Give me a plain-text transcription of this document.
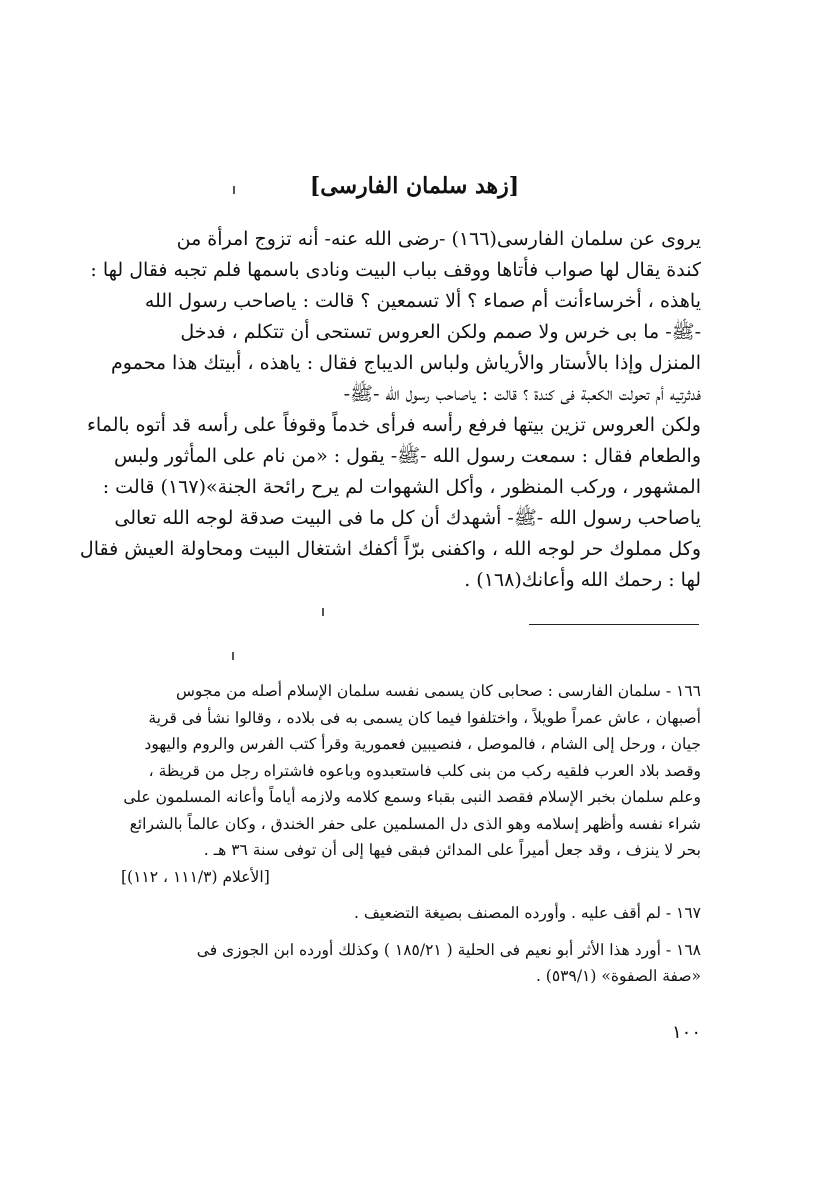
[زهد سلمان الفارسى]
يروى عن سلمان الفارسى(١٦٦) -رضى الله عنه- أنه تزوج امرأة من
كندة يقال لها صواب فأتاها ووقف بباب البيت ونادى باسمها فلم تجبه فقال لها :
ياهذه ، أخرساءأنت أم صماء ؟ ألا تسمعين ؟ قالت : ياصاحب رسول الله
-ﷺ- ما بى خرس ولا صمم ولكن العروس تستحى أن تتكلم ، فدخل
المنزل وإذا بالأستار والأرياش ولباس الديباج فقال : ياهذه ، أبيتك هذا محموم
فدثرتيه أم تحولت الكعبة فى كندة ؟ قالت : ياصاحب رسول الله -ﷺ-
ولكن العروس تزين بيتها فرفع رأسه فرأى خدماً وقوفاً على رأسه قد أتوه بالماء
والطعام فقال : سمعت رسول الله -ﷺ- يقول : «من نام على المأثور ولبس
المشهور ، وركب المنظور ، وأكل الشهوات لم يرح رائحة الجنة»(١٦٧) قالت :
ياصاحب رسول الله -ﷺ- أشهدك أن كل ما فى البيت صدقة لوجه الله تعالى
وكل مملوك حر لوجه الله ، واكفنى برّاً أكفك اشتغال البيت ومحاولة العيش فقال
لها : رحمك الله وأعانك(١٦٨) .
١٦٦ - سلمان الفارسى : صحابى كان يسمى نفسه سلمان الإسلام أصله من مجوس
أصبهان ، عاش عمراً طويلاً ، واختلفوا فيما كان يسمى به فى بلاده ، وقالوا نشأ فى قرية
جيان ، ورحل إلى الشام ، فالموصل ، فنصيبين فعمورية وقرأ كتب الفرس والروم واليهود
وقصد بلاد العرب فلقيه ركب من بنى كلب فاستعبدوه وباعوه فاشتراه رجل من قريظة ،
وعلم سلمان بخبر الإسلام فقصد النبى بقباء وسمع كلامه ولازمه أياماً وأعانه المسلمون على
شراء نفسه وأظهر إسلامه وهو الذى دل المسلمين على حفر الخندق ، وكان عالماً بالشرائع
بحر لا ينزف ، وقد جعل أميراً على المدائن فبقى فيها إلى أن توفى سنة ٣٦ هـ .
[الأعلام (١١١/٣ ، ١١٢)]
١٦٧ - لم أقف عليه . وأورده المصنف بصيغة التضعيف .
١٦٨ - أورد هذا الأثر أبو نعيم فى الحلية ( ١٨٥/٢١ ) وكذلك أورده ابن الجوزى فى
«صفة الصفوة» (٥٣٩/١) .
١٠٠
